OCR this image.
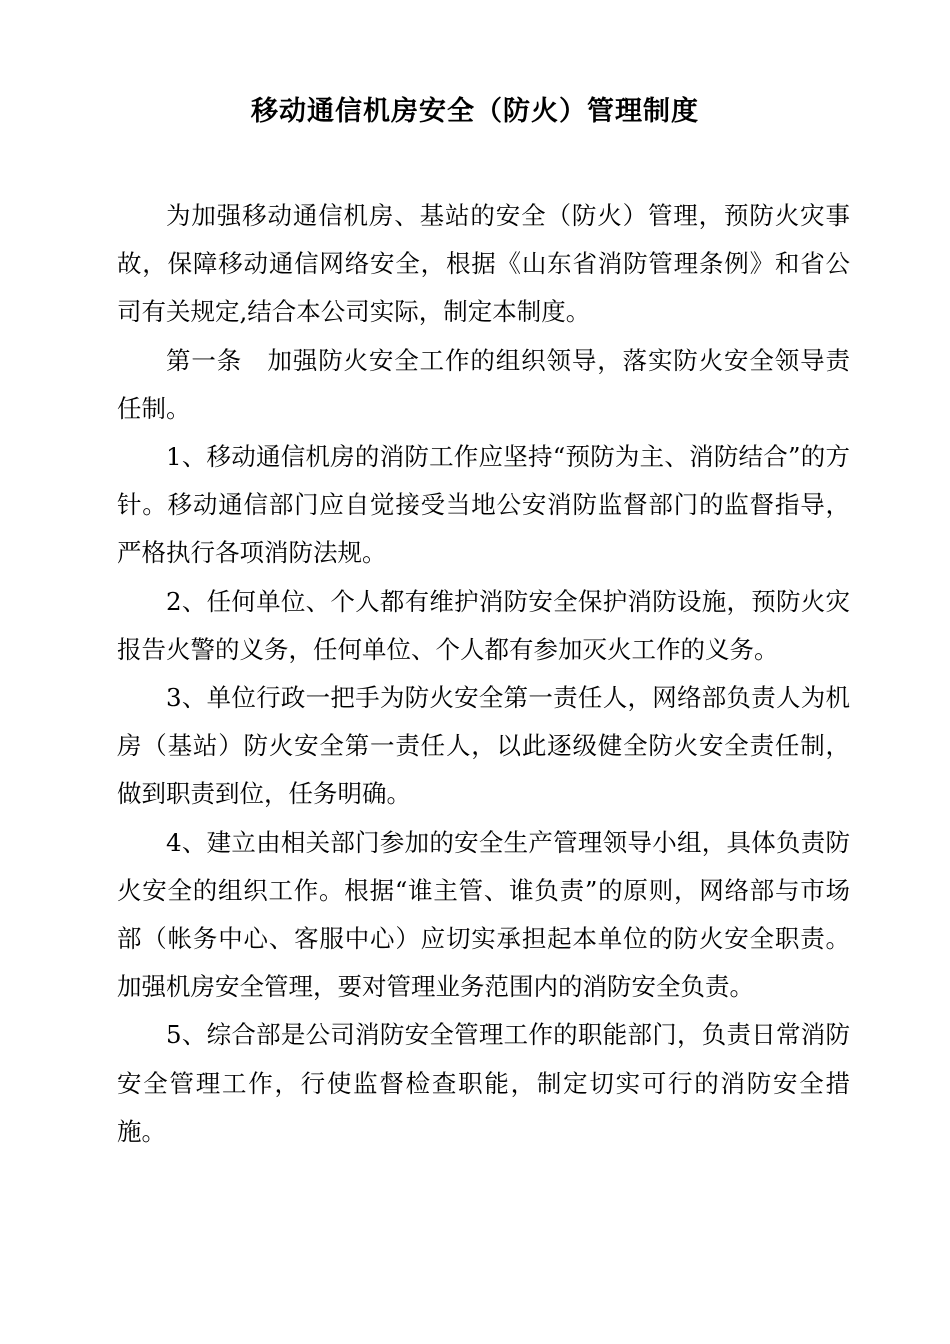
移动通信机房安全（防火）管理制度

为加强移动通信机房、基站的安全（防火）管理，预防火灾事故，保障移动通信网络安全，根据《山东省消防管理条例》和省公司有关规定,结合本公司实际，制定本制度。

第一条　加强防火安全工作的组织领导，落实防火安全领导责任制。

1、移动通信机房的消防工作应坚持“预防为主、消防结合”的方针。移动通信部门应自觉接受当地公安消防监督部门的监督指导，严格执行各项消防法规。

2、任何单位、个人都有维护消防安全保护消防设施，预防火灾报告火警的义务，任何单位、个人都有参加灭火工作的义务。

3、单位行政一把手为防火安全第一责任人，网络部负责人为机房（基站）防火安全第一责任人，以此逐级健全防火安全责任制，做到职责到位，任务明确。

4、建立由相关部门参加的安全生产管理领导小组，具体负责防火安全的组织工作。根据“谁主管、谁负责”的原则，网络部与市场部（帐务中心、客服中心）应切实承担起本单位的防火安全职责。加强机房安全管理，要对管理业务范围内的消防安全负责。

5、综合部是公司消防安全管理工作的职能部门，负责日常消防安全管理工作，行使监督检查职能，制定切实可行的消防安全措施。
